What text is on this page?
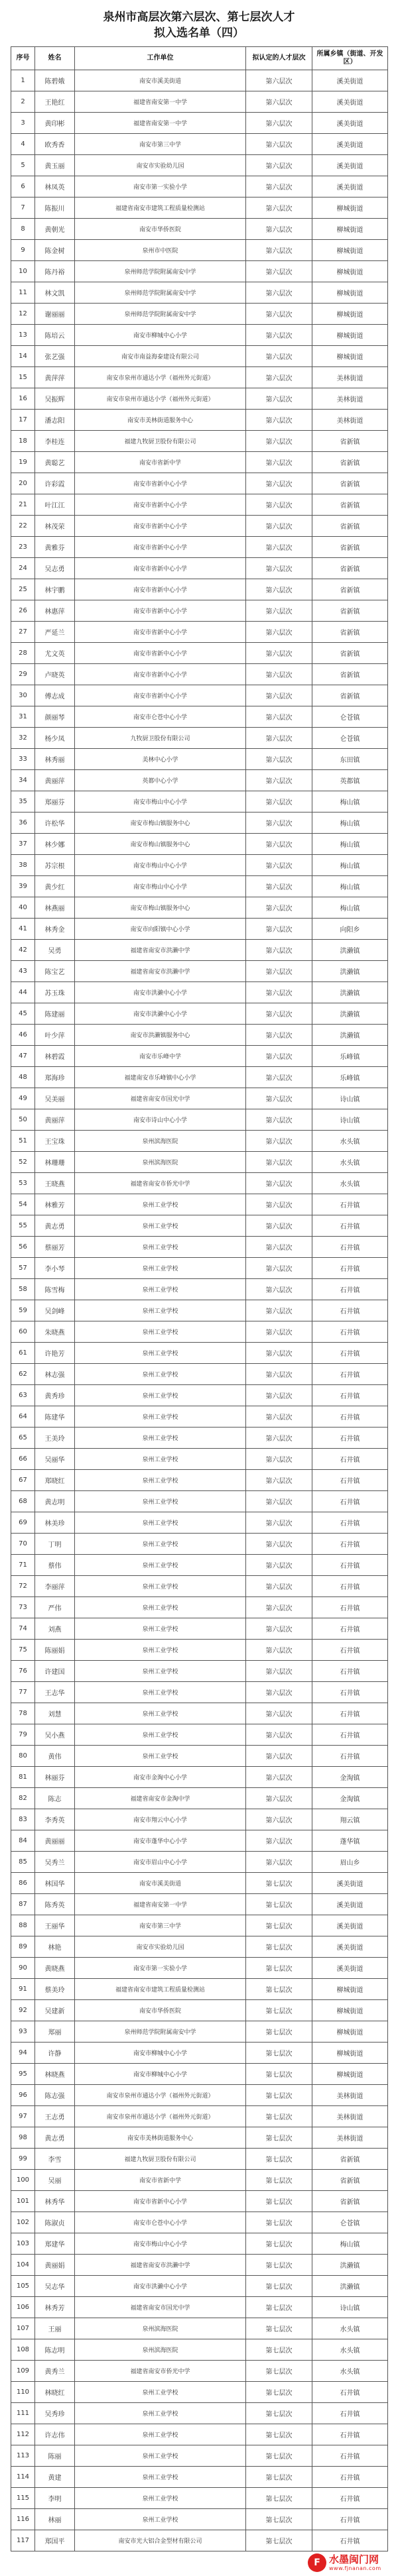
泉州市高层次第六层次、第七层次人才
拟入选名单（四）
序号	姓名	工作单位	拟认定的人才层次	所属乡镇（街道、开发区）
1	陈碧娥	南安市溪美街道	第六层次	溪美街道
2	王艳红	福建省南安第一中学	第六层次	溪美街道
3	黄印彬	福建省南安第一中学	第六层次	溪美街道
4	欧秀香	南安市第三中学	第六层次	溪美街道
5	黄玉丽	南安市实验幼儿园	第六层次	溪美街道
6	林凤英	南安市第一实验小学	第六层次	溪美街道
7	陈振川	福建省南安市建筑工程质量检测站	第六层次	柳城街道
8	黄朝光	南安市华侨医院	第六层次	柳城街道
9	陈金树	泉州市中医院	第六层次	柳城街道
10	陈丹裕	泉州师范学院附属南安中学	第六层次	柳城街道
11	林文凯	泉州师范学院附属南安中学	第六层次	柳城街道
12	谢丽丽	泉州师范学院附属南安中学	第六层次	柳城街道
13	陈培云	南安市柳城中心小学	第六层次	柳城街道
14	张艺强	南安市南益海泰建设有限公司	第六层次	柳城街道
15	黄萍萍	南安市泉州市通达小学（福州外元街道）	第六层次	美林街道
16	吴振辉	南安市泉州市通达小学（福州外元街道）	第六层次	美林街道
17	潘志阳	南安市美林街道服务中心	第六层次	美林街道
18	李桂连	福建九牧厨卫股份有限公司	第六层次	省新镇
19	黄聪艺	南安市省新中学	第六层次	省新镇
20	许彩霞	南安市省新中心小学	第六层次	省新镇
21	叶江江	南安市省新中心小学	第六层次	省新镇
22	林茂荣	南安市省新中心小学	第六层次	省新镇
23	黄雅芬	南安市省新中心小学	第六层次	省新镇
24	吴志勇	南安市省新中心小学	第六层次	省新镇
25	林宇鹏	南安市省新中心小学	第六层次	省新镇
26	林惠萍	南安市省新中心小学	第六层次	省新镇
27	严延兰	南安市省新中心小学	第六层次	省新镇
28	尤文英	南安市省新中心小学	第六层次	省新镇
29	卢晓英	南安市省新中心小学	第六层次	省新镇
30	傅志成	南安市省新中心小学	第六层次	省新镇
31	颜丽琴	南安市仑苍中心小学	第六层次	仑苍镇
32	杨少凤	九牧厨卫股份有限公司	第六层次	仑苍镇
33	林秀丽	美林中心小学	第六层次	东田镇
34	黄丽萍	英都中心小学	第六层次	英都镇
35	郑丽芬	南安市梅山中心小学	第六层次	梅山镇
36	许松华	南安市梅山镇服务中心	第六层次	梅山镇
37	林少娜	南安市梅山镇服务中心	第六层次	梅山镇
38	苏宗根	南安市梅山中心小学	第六层次	梅山镇
39	黄少红	南安市梅山中心小学	第六层次	梅山镇
40	林燕丽	南安市梅山镇服务中心	第六层次	梅山镇
41	林秀金	南安市向阳镇中心小学	第六层次	向阳乡
42	吴勇	福建省南安市洪濑中学	第六层次	洪濑镇
43	陈宝艺	福建省南安市洪濑中学	第六层次	洪濑镇
44	苏玉珠	南安市洪濑中心小学	第六层次	洪濑镇
45	陈建丽	南安市洪濑中心小学	第六层次	洪濑镇
46	叶少萍	南安市洪濑镇服务中心	第六层次	洪濑镇
47	林碧霞	南安市乐峰中学	第六层次	乐峰镇
48	郑海珍	福建南安市乐峰镇中心小学	第六层次	乐峰镇
49	吴美丽	福建省南安市国光中学	第六层次	诗山镇
50	黄丽萍	南安市诗山中心小学	第六层次	诗山镇
51	王宝珠	泉州滨海医院	第六层次	水头镇
52	林珊珊	泉州滨海医院	第六层次	水头镇
53	王晓燕	福建省南安市侨光中学	第六层次	水头镇
54	林雅芳	泉州工业学校	第六层次	石井镇
55	黄志勇	泉州工业学校	第六层次	石井镇
56	蔡丽芳	泉州工业学校	第六层次	石井镇
57	李小琴	泉州工业学校	第六层次	石井镇
58	陈雪梅	泉州工业学校	第六层次	石井镇
59	吴剑峰	泉州工业学校	第六层次	石井镇
60	朱晓燕	泉州工业学校	第六层次	石井镇
61	许艳芳	泉州工业学校	第六层次	石井镇
62	林志强	泉州工业学校	第六层次	石井镇
63	黄秀珍	泉州工业学校	第六层次	石井镇
64	陈建华	泉州工业学校	第六层次	石井镇
65	王美玲	泉州工业学校	第六层次	石井镇
66	吴丽华	泉州工业学校	第六层次	石井镇
67	郑晓红	泉州工业学校	第六层次	石井镇
68	黄志明	泉州工业学校	第六层次	石井镇
69	林美珍	泉州工业学校	第六层次	石井镇
70	丁明	泉州工业学校	第六层次	石井镇
71	蔡伟	泉州工业学校	第六层次	石井镇
72	李丽萍	泉州工业学校	第六层次	石井镇
73	严伟	泉州工业学校	第六层次	石井镇
74	刘燕	泉州工业学校	第六层次	石井镇
75	陈丽娟	泉州工业学校	第六层次	石井镇
76	许建国	泉州工业学校	第六层次	石井镇
77	王志华	泉州工业学校	第六层次	石井镇
78	刘慧	泉州工业学校	第六层次	石井镇
79	吴小燕	泉州工业学校	第六层次	石井镇
80	黄伟	泉州工业学校	第六层次	石井镇
81	林丽芬	南安市金淘中心小学	第六层次	金淘镇
82	陈志	福建省南安市金淘中学	第六层次	金淘镇
83	李秀英	南安市翔云中心小学	第六层次	翔云镇
84	黄丽丽	南安市蓬华中心小学	第六层次	蓬华镇
85	吴秀兰	南安市眉山中心小学	第六层次	眉山乡
86	林国华	南安市溪美街道	第七层次	溪美街道
87	陈秀英	福建省南安第一中学	第七层次	溪美街道
88	王丽华	南安市第三中学	第七层次	溪美街道
89	林艳	南安市实验幼儿园	第七层次	溪美街道
90	黄晓燕	南安市第一实验小学	第七层次	溪美街道
91	蔡美玲	福建省南安市建筑工程质量检测站	第七层次	柳城街道
92	吴建新	南安市华侨医院	第七层次	柳城街道
93	郑丽	泉州师范学院附属南安中学	第七层次	柳城街道
94	许静	南安市柳城中心小学	第七层次	柳城街道
95	林晓燕	南安市柳城中心小学	第七层次	柳城街道
96	陈志强	南安市泉州市通达小学（福州外元街道）	第七层次	美林街道
97	王志勇	南安市泉州市通达小学（福州外元街道）	第七层次	美林街道
98	黄志勇	南安市美林街道服务中心	第七层次	美林街道
99	李雪	福建九牧厨卫股份有限公司	第七层次	省新镇
100	吴丽	南安市省新中学	第七层次	省新镇
101	林秀华	南安市省新中心小学	第七层次	省新镇
102	陈淑贞	南安市仑苍中心小学	第七层次	仑苍镇
103	郑建华	南安市梅山中心小学	第七层次	梅山镇
104	黄丽娟	福建省南安市洪濑中学	第七层次	洪濑镇
105	吴志华	南安市洪濑中心小学	第七层次	洪濑镇
106	林秀芳	福建省南安市国光中学	第七层次	诗山镇
107	王丽	泉州滨海医院	第七层次	水头镇
108	陈志明	泉州滨海医院	第七层次	水头镇
109	黄秀兰	福建省南安市侨光中学	第七层次	水头镇
110	林晓红	泉州工业学校	第七层次	石井镇
111	吴秀珍	泉州工业学校	第七层次	石井镇
112	许志伟	泉州工业学校	第七层次	石井镇
113	陈丽	泉州工业学校	第七层次	石井镇
114	黄建	泉州工业学校	第七层次	石井镇
115	李明	泉州工业学校	第七层次	石井镇
116	林丽	泉州工业学校	第七层次	石井镇
117	郑国平	南安市光大铝合金型材有限公司	第七层次	石井镇
F 水墨闽门网
www.fjnanan.com
